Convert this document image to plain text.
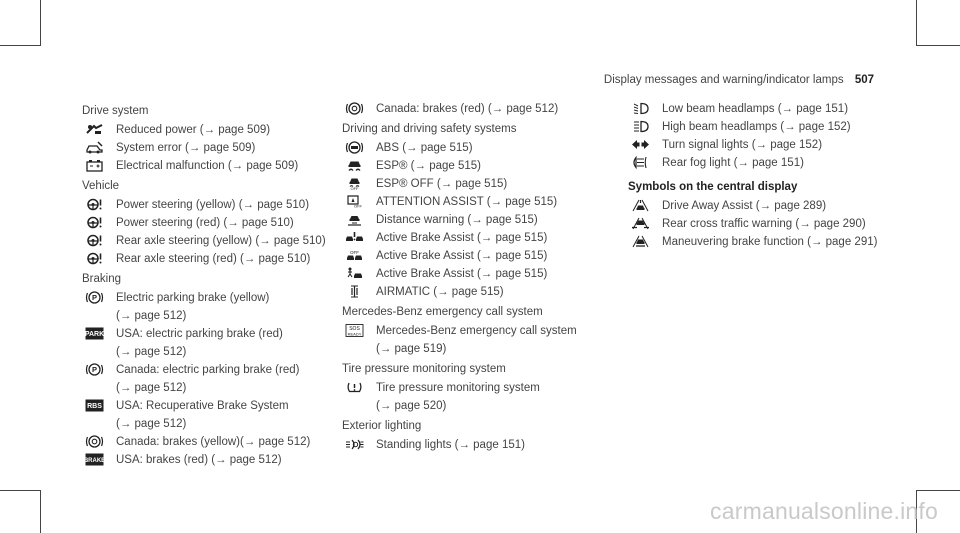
Display messages and warning/indicator lamps 507
Drive system
Reduced power (→ page 509)
System error (→ page 509)
Electrical malfunction (→ page 509)
Vehicle
Power steering (yellow) (→ page 510)
Power steering (red) (→ page 510)
Rear axle steering (yellow) (→ page 510)
Rear axle steering (red) (→ page 510)
Braking
P Electric parking brake (yellow)
(→ page 512)
PARK USA: electric parking brake (red)
(→ page 512)
P Canada: electric parking brake (red)
(→ page 512)
RBS USA: Recuperative Brake System
(→ page 512)
Canada: brakes (yellow)(→ page 512)
BRAKE USA: brakes (red) (→ page 512)
Canada: brakes (red) (→ page 512)
Driving and driving safety systems
ABS (→ page 515)
ESP® (→ page 515)
OFF ESP® OFF (→ page 515)
OFF ATTENTION ASSIST (→ page 515)
Distance warning (→ page 515)
Active Brake Assist (→ page 515)
OFF Active Brake Assist (→ page 515)
Active Brake Assist (→ page 515)
AIRMATIC (→ page 515)
Mercedes-Benz emergency call system
SOS
READY Mercedes-Benz emergency call system
(→ page 519)
Tire pressure monitoring system
Tire pressure monitoring system
(→ page 520)
Exterior lighting
Standing lights (→ page 151)
Low beam headlamps (→ page 151)
High beam headlamps (→ page 152)
Turn signal lights (→ page 152)
Rear fog light (→ page 151)
Symbols on the central display
Drive Away Assist (→ page 289)
Rear cross traffic warning (→ page 290)
Maneuvering brake function (→ page 291)
carmanualsonline.info
